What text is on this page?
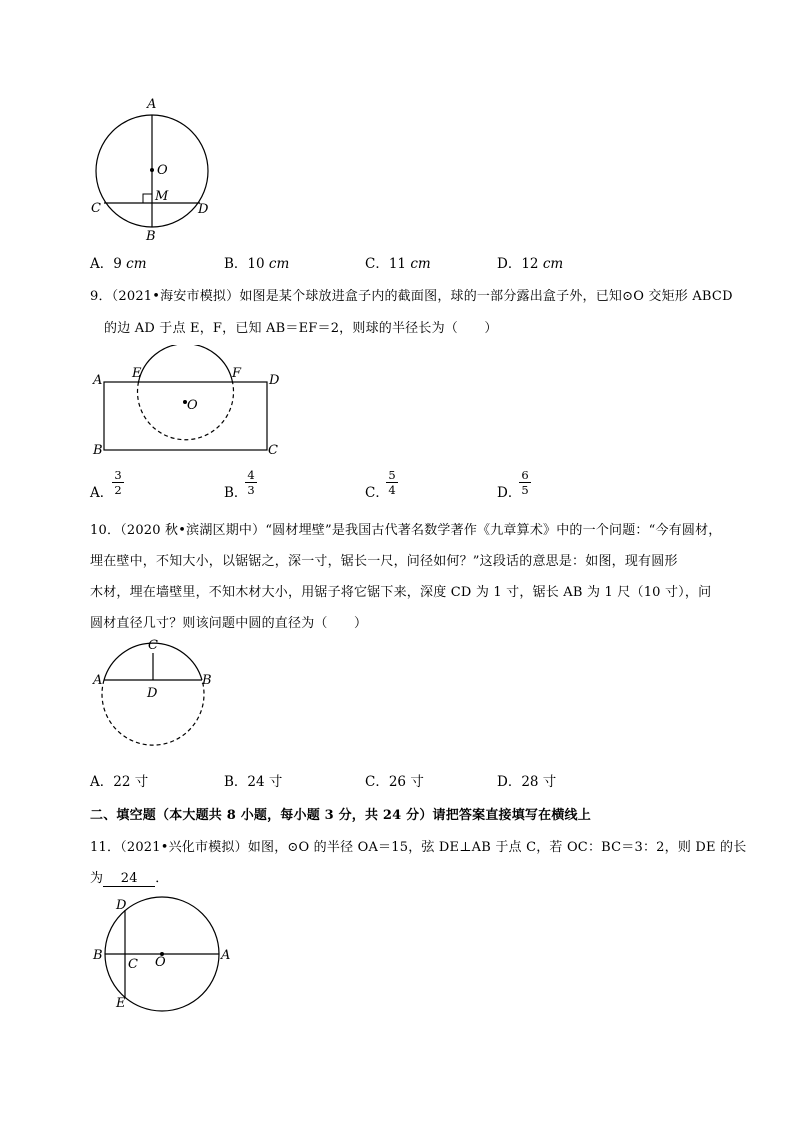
A
O
M
C	D
B
A．9 cm	B．10 cm	C．11 cm	D．12 cm
9．（2021•海安市模拟）如图是某个球放进盒子内的截面图，球的一部分露出盒子外，已知⊙O 交矩形 ABCD
的边 AD 于点 E，F，已知 AB＝EF＝2，则球的半径长为（　　）
A E	F D
O
B	C
A．
3
2	B．
4
3	C．
5
4	D．
6
5
10．（2020 秋•滨湖区期中）“圆材埋壁”是我国古代著名数学著作《九章算术》中的一个问题：“今有圆材，
埋在壁中，不知大小，以锯锯之，深一寸，锯长一尺，问径如何？”这段话的意思是：如图，现有圆形
木材，埋在墙壁里，不知木材大小，用锯子将它锯下来，深度 CD 为 1 寸，锯长 AB 为 1 尺（10 寸），问
圆材直径几寸？则该问题中圆的直径为（　　）
C
A	B
D
A．22 寸	B．24 寸	C．26 寸	D．28 寸
二、填空题（本大题共 8 小题，每小题 3 分，共 24 分）请把答案直接填写在横线上
11．（2021•兴化市模拟）如图，⊙O 的半径 OA＝15，弦 DE⊥AB 于点 C，若 OC：BC＝3：2，则 DE 的长
为 24 ．
D
B
C O	A
E
